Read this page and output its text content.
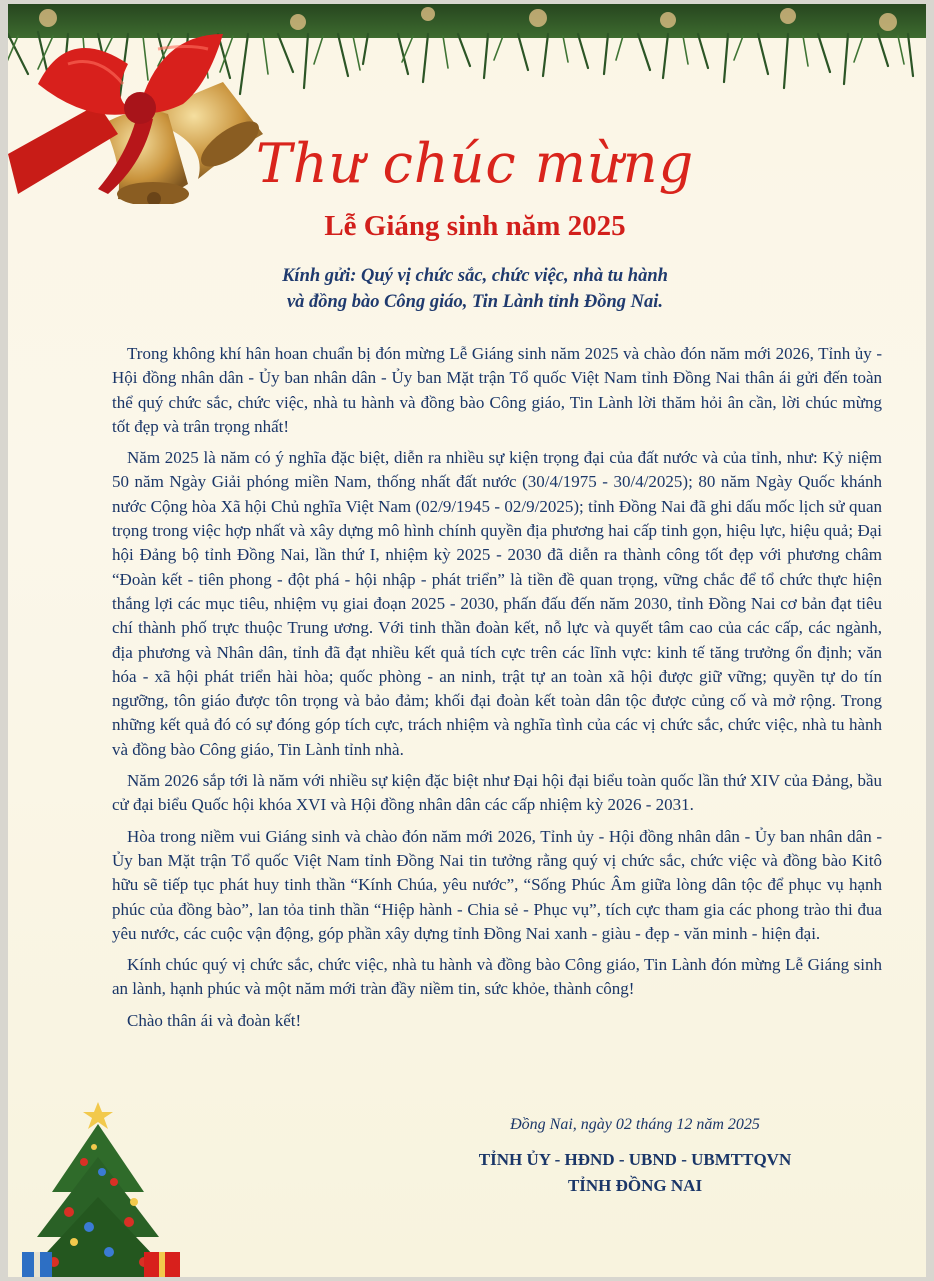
Thư chúc mừng
Lễ Giáng sinh năm 2025
Kính gửi: Quý vị chức sắc, chức việc, nhà tu hành
và đồng bào Công giáo, Tin Lành tỉnh Đồng Nai.

Trong không khí hân hoan chuẩn bị đón mừng Lễ Giáng sinh năm 2025 và chào đón năm mới 2026, Tỉnh ủy - Hội đồng nhân dân - Ủy ban nhân dân - Ủy ban Mặt trận Tổ quốc Việt Nam tỉnh Đồng Nai thân ái gửi đến toàn thể quý chức sắc, chức việc, nhà tu hành và đồng bào Công giáo, Tin Lành lời thăm hỏi ân cần, lời chúc mừng tốt đẹp và trân trọng nhất!

Năm 2025 là năm có ý nghĩa đặc biệt, diễn ra nhiều sự kiện trọng đại của đất nước và của tỉnh, như: Kỷ niệm 50 năm Ngày Giải phóng miền Nam, thống nhất đất nước (30/4/1975 - 30/4/2025); 80 năm Ngày Quốc khánh nước Cộng hòa Xã hội Chủ nghĩa Việt Nam (02/9/1945 - 02/9/2025); tỉnh Đồng Nai đã ghi dấu mốc lịch sử quan trọng trong việc hợp nhất và xây dựng mô hình chính quyền địa phương hai cấp tinh gọn, hiệu lực, hiệu quả; Đại hội Đảng bộ tỉnh Đồng Nai, lần thứ I, nhiệm kỳ 2025 - 2030 đã diễn ra thành công tốt đẹp với phương châm “Đoàn kết - tiên phong - đột phá - hội nhập - phát triển” là tiền đề quan trọng, vững chắc để tổ chức thực hiện thắng lợi các mục tiêu, nhiệm vụ giai đoạn 2025 - 2030, phấn đấu đến năm 2030, tỉnh Đồng Nai cơ bản đạt tiêu chí thành phố trực thuộc Trung ương. Với tinh thần đoàn kết, nỗ lực và quyết tâm cao của các cấp, các ngành, địa phương và Nhân dân, tỉnh đã đạt nhiều kết quả tích cực trên các lĩnh vực: kinh tế tăng trưởng ổn định; văn hóa - xã hội phát triển hài hòa; quốc phòng - an ninh, trật tự an toàn xã hội được giữ vững; quyền tự do tín ngưỡng, tôn giáo được tôn trọng và bảo đảm; khối đại đoàn kết toàn dân tộc được củng cố và mở rộng. Trong những kết quả đó có sự đóng góp tích cực, trách nhiệm và nghĩa tình của các vị chức sắc, chức việc, nhà tu hành và đồng bào Công giáo, Tin Lành tỉnh nhà.

Năm 2026 sắp tới là năm với nhiều sự kiện đặc biệt như Đại hội đại biểu toàn quốc lần thứ XIV của Đảng, bầu cử đại biểu Quốc hội khóa XVI và Hội đồng nhân dân các cấp nhiệm kỳ 2026 - 2031.

Hòa trong niềm vui Giáng sinh và chào đón năm mới 2026, Tỉnh ủy - Hội đồng nhân dân - Ủy ban nhân dân - Ủy ban Mặt trận Tổ quốc Việt Nam tỉnh Đồng Nai tin tưởng rằng quý vị chức sắc, chức việc và đồng bào Kitô hữu sẽ tiếp tục phát huy tinh thần “Kính Chúa, yêu nước”, “Sống Phúc Âm giữa lòng dân tộc để phục vụ hạnh phúc của đồng bào”, lan tỏa tinh thần “Hiệp hành - Chia sẻ - Phục vụ”, tích cực tham gia các phong trào thi đua yêu nước, các cuộc vận động, góp phần xây dựng tỉnh Đồng Nai xanh - giàu - đẹp - văn minh - hiện đại.

Kính chúc quý vị chức sắc, chức việc, nhà tu hành và đồng bào Công giáo, Tin Lành đón mừng Lễ Giáng sinh an lành, hạnh phúc và một năm mới tràn đầy niềm tin, sức khỏe, thành công!

Chào thân ái và đoàn kết!

Đồng Nai, ngày 02 tháng 12 năm 2025
TỈNH ỦY - HĐND - UBND - UBMTTQVN
TỈNH ĐỒNG NAI
